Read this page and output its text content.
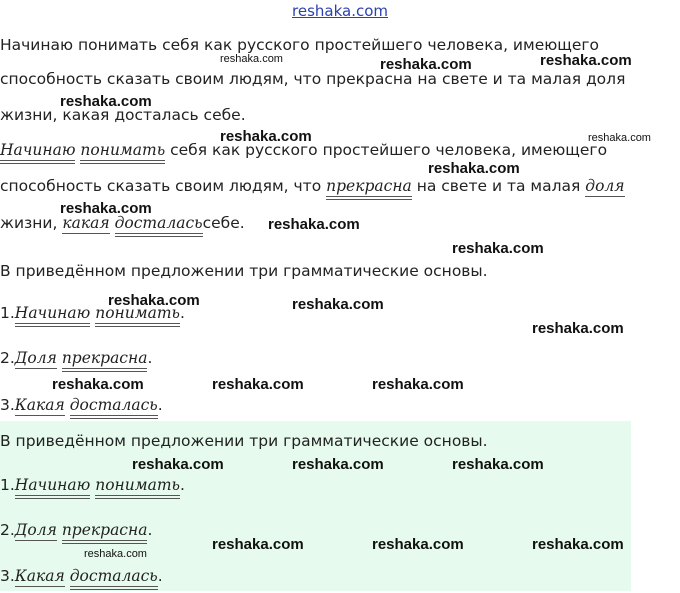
reshaka.com
Начинаю понимать себя как русского простейшего человека, имеющего
способность сказать своим людям, что прекрасна на свете и та малая доля
жизни, какая досталась себе.
Начинаю понимать себя как русского простейшего человека, имеющего
способность сказать своим людям, что прекрасна на свете и та малая доля
жизни, какая досталасьсебе.
В приведённом предложении три грамматические основы.
1.Начинаю понимать.
2.Доля прекрасна.
3.Какая досталась.
В приведённом предложении три грамматические основы.
1.Начинаю понимать.
2.Доля прекрасна.
3.Какая досталась.
reshaka.com	reshaka.com	reshaka.com
reshaka.com
reshaka.com	reshaka.com
reshaka.com
reshaka.com
reshaka.com
reshaka.com
reshaka.com	reshaka.com
reshaka.com
reshaka.com	reshaka.com	reshaka.com
reshaka.com	reshaka.com	reshaka.com
reshaka.com
reshaka.com	reshaka.com	reshaka.com
